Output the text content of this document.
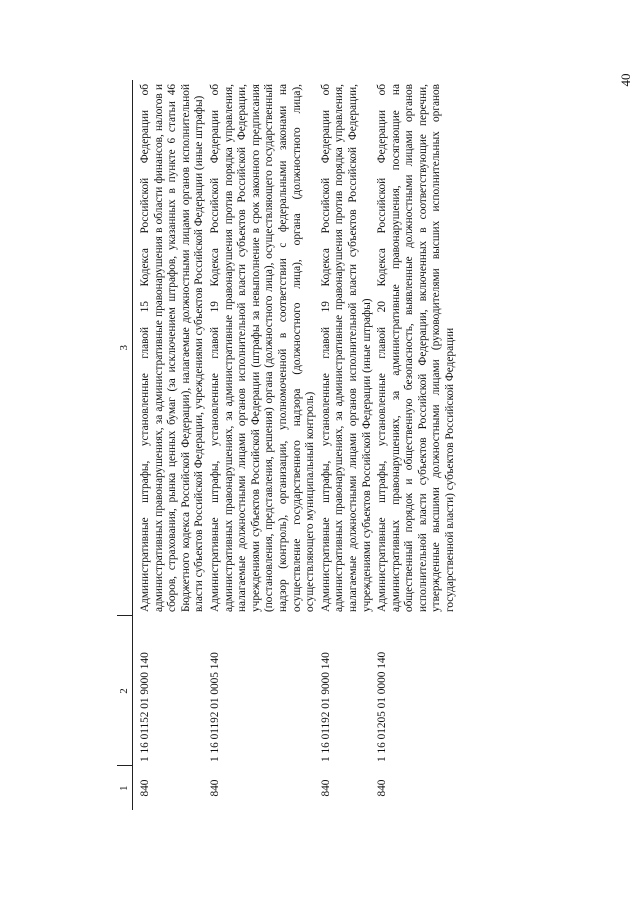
40
1	2	3
840	1 16 01152 01 9000 140	Административные штрафы, установленные главой 15 Кодекса Российской Федерации об административных правонарушениях, за административные правонарушения в области финансов, налогов и сборов, страхования, рынка ценных бумаг (за исключением штрафов, указанных в пункте 6 статьи 46 Бюджетного кодекса Российской Федерации), налагаемые должностными лицами органов исполнительной власти субъектов Российской Федерации, учреждениями субъектов Российской Федерации (иные штрафы)
840	1 16 01192 01 0005 140	Административные штрафы, установленные главой 19 Кодекса Российской Федерации об административных правонарушениях, за административные правонарушения против порядка управления, налагаемые должностными лицами органов исполнительной власти субъектов Российской Федерации, учреждениями субъектов Российской Федерации (штрафы за невыполнение в срок законного предписания (постановления, представления, решения) органа (должностного лица), осуществляющего государственный надзор (контроль), организации, уполномоченной в соответствии с федеральными законами на осуществление государственного надзора (должностного лица), органа (должностного лица), осуществляющего муниципальный контроль)
840	1 16 01192 01 9000 140	Административные штрафы, установленные главой 19 Кодекса Российской Федерации об административных правонарушениях, за административные правонарушения против порядка управления, налагаемые должностными лицами органов исполнительной власти субъектов Российской Федерации, учреждениями субъектов Российской Федерации (иные штрафы)
840	1 16 01205 01 0000 140	Административные штрафы, установленные главой 20 Кодекса Российской Федерации об административных правонарушениях, за административные правонарушения, посягающие на общественный порядок и общественную безопасность, выявленные должностными лицами органов исполнительной власти субъектов Российской Федерации, включенных в соответствующие перечни, утвержденные высшими должностными лицами (руководителями высших исполнительных органов государственной власти) субъектов Российской Федерации
